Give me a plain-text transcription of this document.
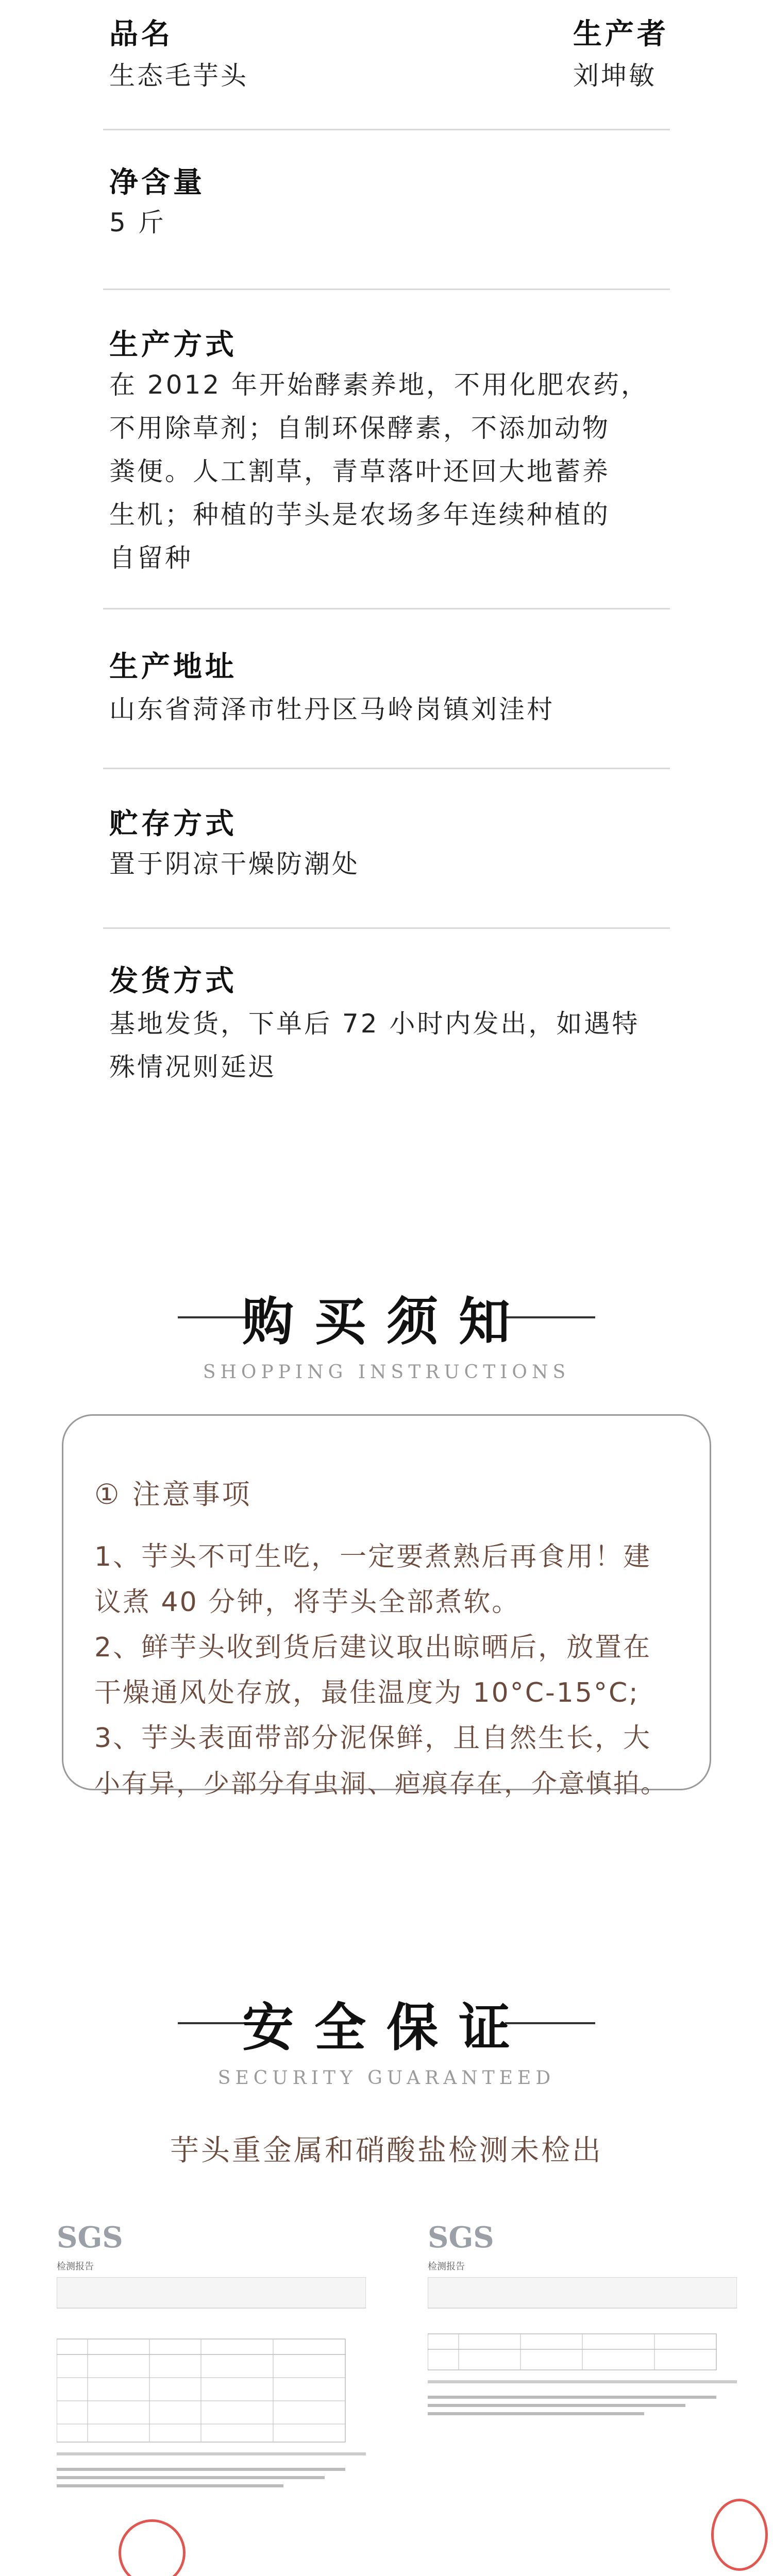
品名
生态毛芋头
生产者
刘坤敏
净含量
5 斤
生产方式
在 2012 年开始酵素养地，不用化肥农药，
不用除草剂；自制环保酵素，不添加动物
粪便。人工割草，青草落叶还回大地蓄养
生机；种植的芋头是农场多年连续种植的
自留种
生产地址
山东省菏泽市牡丹区马岭岗镇刘洼村
贮存方式
置于阴凉干燥防潮处
发货方式
基地发货，下单后 72 小时内发出，如遇特
殊情况则延迟
购买须知
SHOPPING INSTRUCTIONS
① 注意事项
1、芋头不可生吃，一定要煮熟后再食用！建
议煮 40 分钟，将芋头全部煮软。
2、鲜芋头收到货后建议取出晾晒后，放置在
干燥通风处存放，最佳温度为 10°C-15°C;
3、芋头表面带部分泥保鲜，且自然生长，大
小有异，少部分有虫洞、疤痕存在，介意慎拍。
安全保证
SECURITY GUARANTEED
芋头重金属和硝酸盐检测未检出
SGS
检测报告
SGS
检测报告
